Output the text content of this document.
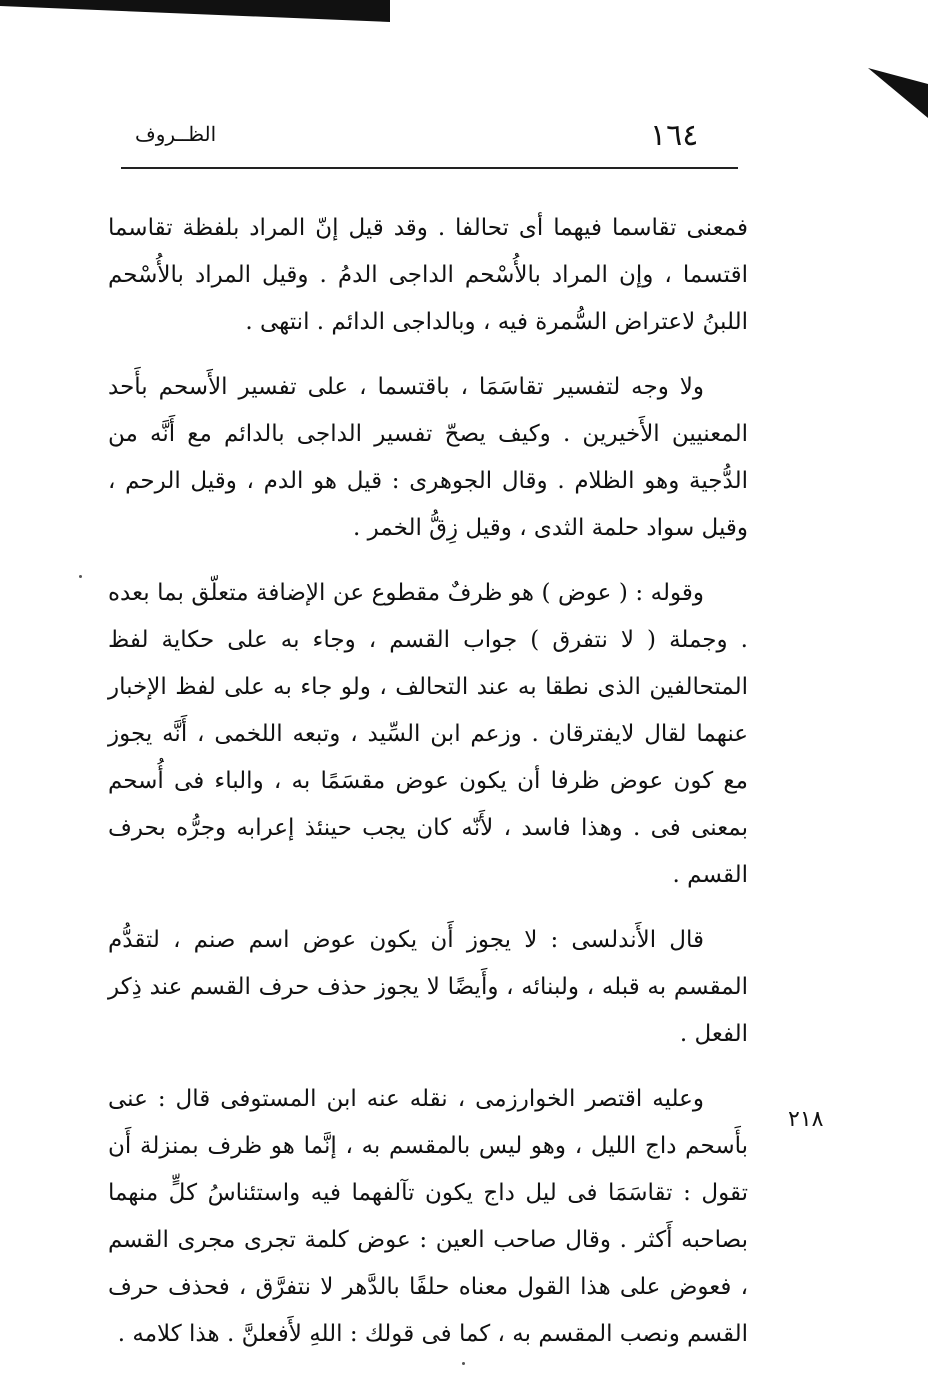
١٦٤
الظــروف

فمعنى تقاسما فيهما أى تحالفا . وقد قيل إنّ المراد بلفظة تقاسما اقتسما ، وإن المراد بالأُسْحم الداجى الدمُ . وقيل المراد بالأُسْحم اللبنُ لاعتراض السُّمرة فيه ، وبالداجى الدائم . انتهى .

ولا وجه لتفسير تقاسَمَا ، باقتسما ، على تفسير الأَسحم بأَحد المعنيين الأَخيرين . وكيف يصحّ تفسير الداجى بالدائم مع أَنَّه من الدُّجية وهو الظلام . وقال الجوهرى : قيل هو الدم ، وقيل الرحم ، وقيل سواد حلمة الثدى ، وقيل زِقُّ الخمر .

وقوله : ( عوض ) هو ظرفٌ مقطوع عن الإضافة متعلّق بما بعده . وجملة ( لا نتفرق ) جواب القسم ، وجاء به على حكاية لفظ المتحالفين الذى نطقا به عند التحالف ، ولو جاء به على لفظ الإخبار عنهما لقال لايفترقان . وزعم ابن السِّيد ، وتبعه اللخمى ، أَنَّه يجوز مع كون عوض ظرفا أن يكون عوض مقسَمًا به ، والباء فى أُسحم بمعنى فى . وهذا فاسد ، لأَنّه كان يجب حينئذ إعرابه وجرُّه بحرف القسم .

قال الأَندلسى : لا يجوز أَن يكون عوض اسم صنم ، لتقدُّم المقسم به قبله ، ولبنائه ، وأَيضًا لا يجوز حذف حرف القسم عند ذِكر الفعل .

وعليه اقتصر الخوارزمى ، نقله عنه ابن المستوفى قال : عنى بأَسحم داج الليل ، وهو ليس بالمقسم به ، إنَّما هو ظرف بمنزلة أَن تقول : تقاسَمَا فى ليل داج يكون تآلفهما فيه واستئناسُ كلٍّ منهما بصاحبه أَكثر . وقال صاحب العين : عوض كلمة تجرى مجرى القسم ، فعوض على هذا القول معناه حلفًا بالدَّهر لا نتفرَّق ، فحذف حرف القسم ونصب المقسم به ، كما فى قولك : اللهِ لأَفعلنَّ . هذا كلامه .

٢١٨
